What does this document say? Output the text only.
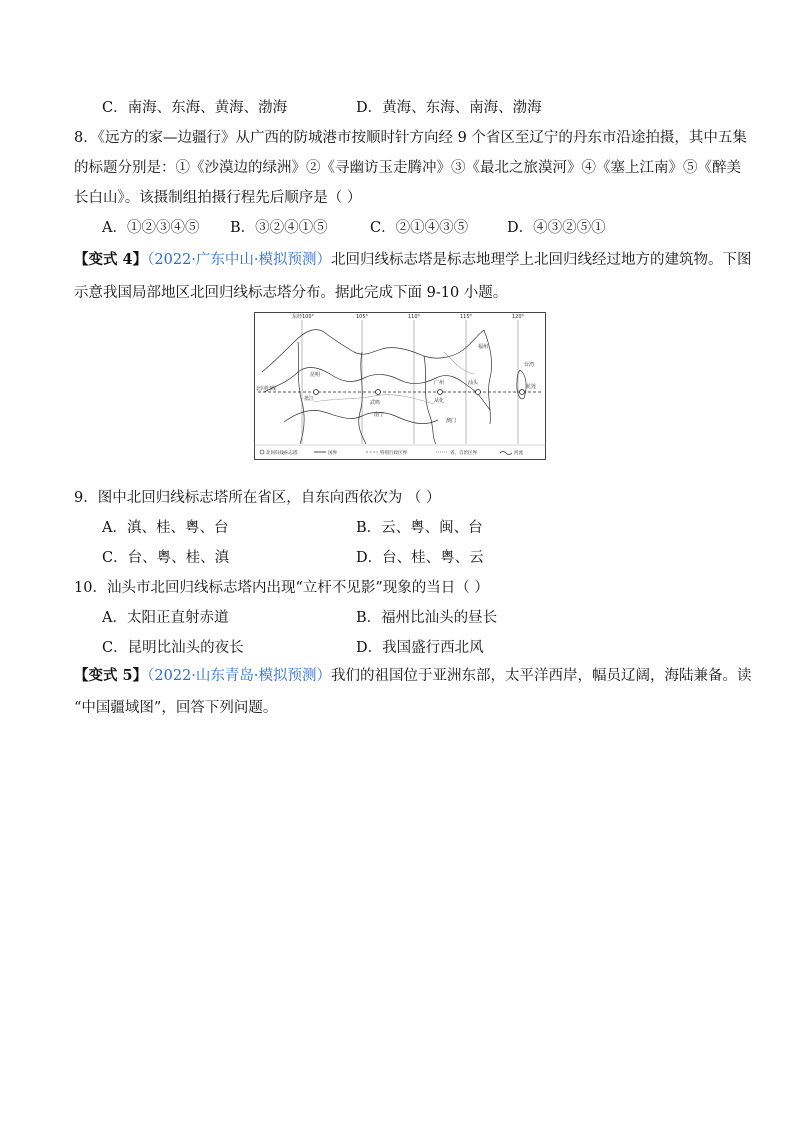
C．南海、东海、黄海、渤海	D．黄海、东海、南海、渤海
8．《远方的家—边疆行》从广西的防城港市按顺时针方向经 9 个省区至辽宁的丹东市沿途拍摄，其中五集
的标题分别是：①《沙漠边的绿洲》②《寻幽访玉走腾冲》③《最北之旅漠河》④《塞上江南》⑤《醉美
长白山》。该摄制组拍摄行程先后顺序是（ ）
A．①②③④⑤ B．③②④①⑤	C．②①④③⑤	D．④③②⑤①
【变式 4】（2022·广东中山·模拟预测）北回归线标志塔是标志地理学上北回归线经过地方的建筑物。下图
示意我国局部地区北回归线标志塔分布。据此完成下面 9-10 小题。
东经100°	105°	110°	115°	120°
福州
台湾
昆明
墨江
北回归线
武鸣
南宁
广州
从化
汕头
澳门
花莲
北回归线标志塔	国界	特别行政区界	省、自治区界	河流
9．图中北回归线标志塔所在省区，自东向西依次为 （ ）
A．滇、桂、粤、台	B．云、粤、闽、台
C．台、粤、桂、滇	D．台、桂、粤、云
10．汕头市北回归线标志塔内出现“立杆不见影”现象的当日（ ）
A．太阳正直射赤道	B．福州比汕头的昼长
C．昆明比汕头的夜长	D．我国盛行西北风
【变式 5】（2022·山东青岛·模拟预测）我们的祖国位于亚洲东部，太平洋西岸，幅员辽阔，海陆兼备。读
“中国疆域图”，回答下列问题。
